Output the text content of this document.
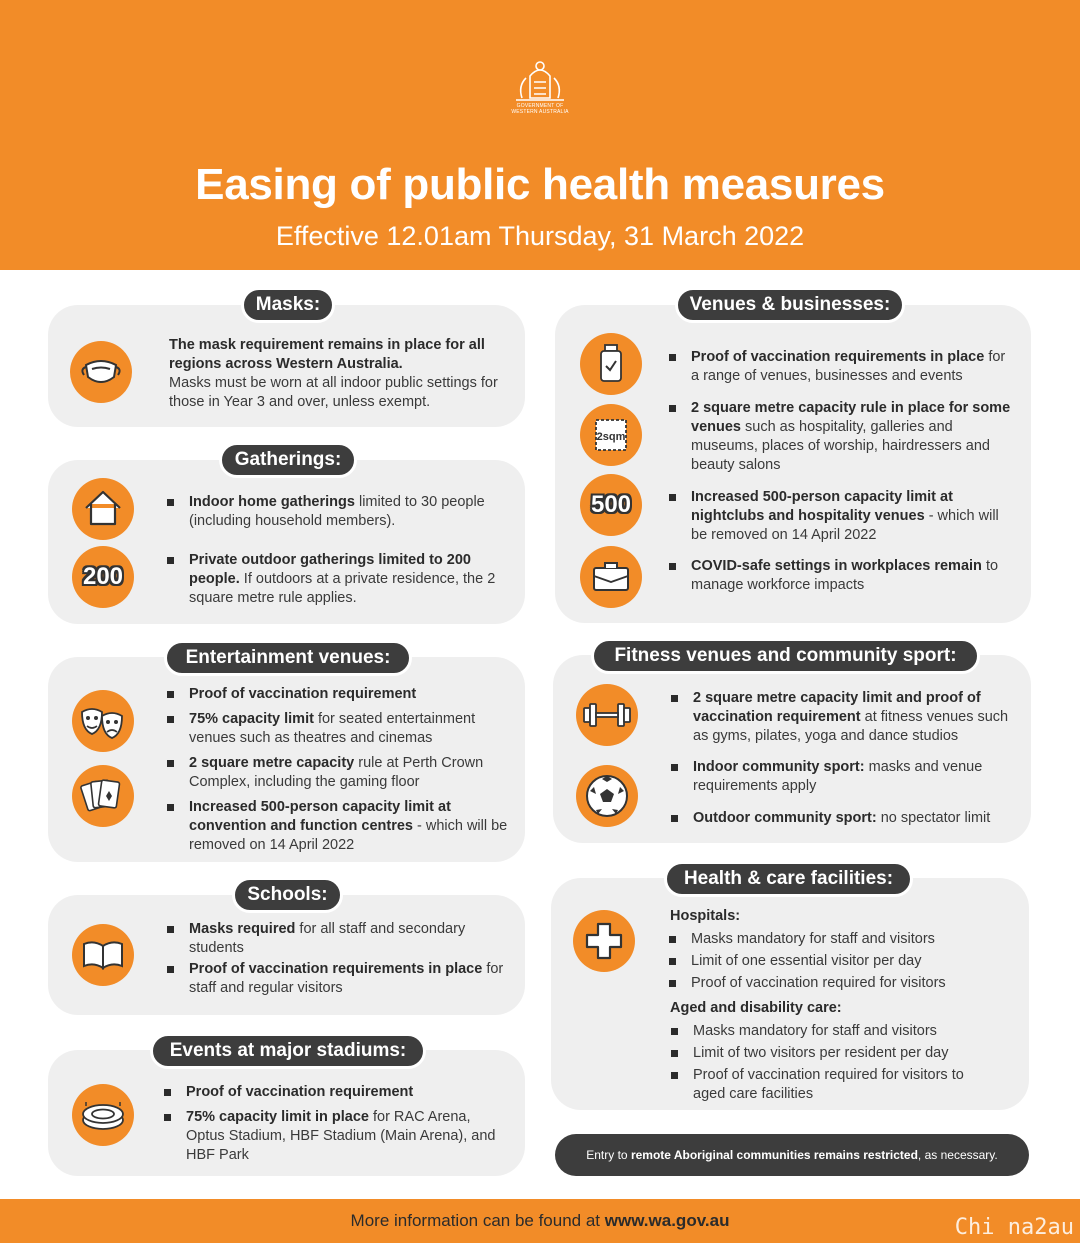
GOVERNMENT OF
WESTERN AUSTRALIA
Easing of public health measures
Effective 12.01am Thursday, 31 March 2022
Masks:
The mask requirement remains in place for all regions across Western Australia.
Masks must be worn at all indoor public settings for those in Year 3 and over, unless exempt.
Gatherings:
200
Indoor home gatherings limited to 30 people (including household members).
Private outdoor gatherings limited to 200 people. If outdoors at a private residence, the 2 square metre rule applies.
Entertainment venues:
Proof of vaccination requirement
75% capacity limit for seated entertainment venues such as theatres and cinemas
2 square metre capacity rule at Perth Crown Complex, including the gaming floor
Increased 500-person capacity limit at convention and function centres - which will be removed on 14 April 2022
Schools:
Masks required for all staff and secondary students
Proof of vaccination requirements in place for staff and regular visitors
Events at major stadiums:
Proof of vaccination requirement
75% capacity limit in place for RAC Arena, Optus Stadium, HBF Stadium (Main Arena), and HBF Park
Venues & businesses:
2sqm
500
Proof of vaccination requirements in place for a range of venues, businesses and events
2 square metre capacity rule in place for some venues such as hospitality, galleries and museums, places of worship, hairdressers and beauty salons
Increased 500-person capacity limit at nightclubs and hospitality venues - which will be removed on 14 April 2022
COVID-safe settings in workplaces remain to manage workforce impacts
Fitness venues and community sport:
2 square metre capacity limit and proof of vaccination requirement at fitness venues such as gyms, pilates, yoga and dance studios
Indoor community sport: masks and venue requirements apply
Outdoor community sport: no spectator limit
Health & care facilities:
Hospitals:
Masks mandatory for staff and visitors
Limit of one essential visitor per day
Proof of vaccination required for visitors
Aged and disability care:
Masks mandatory for staff and visitors
Limit of two visitors per resident per day
Proof of vaccination required for visitors to aged care facilities
Entry to remote Aboriginal communities remains restricted, as necessary.
More information can be found at www.wa.gov.au	Chi na2au
